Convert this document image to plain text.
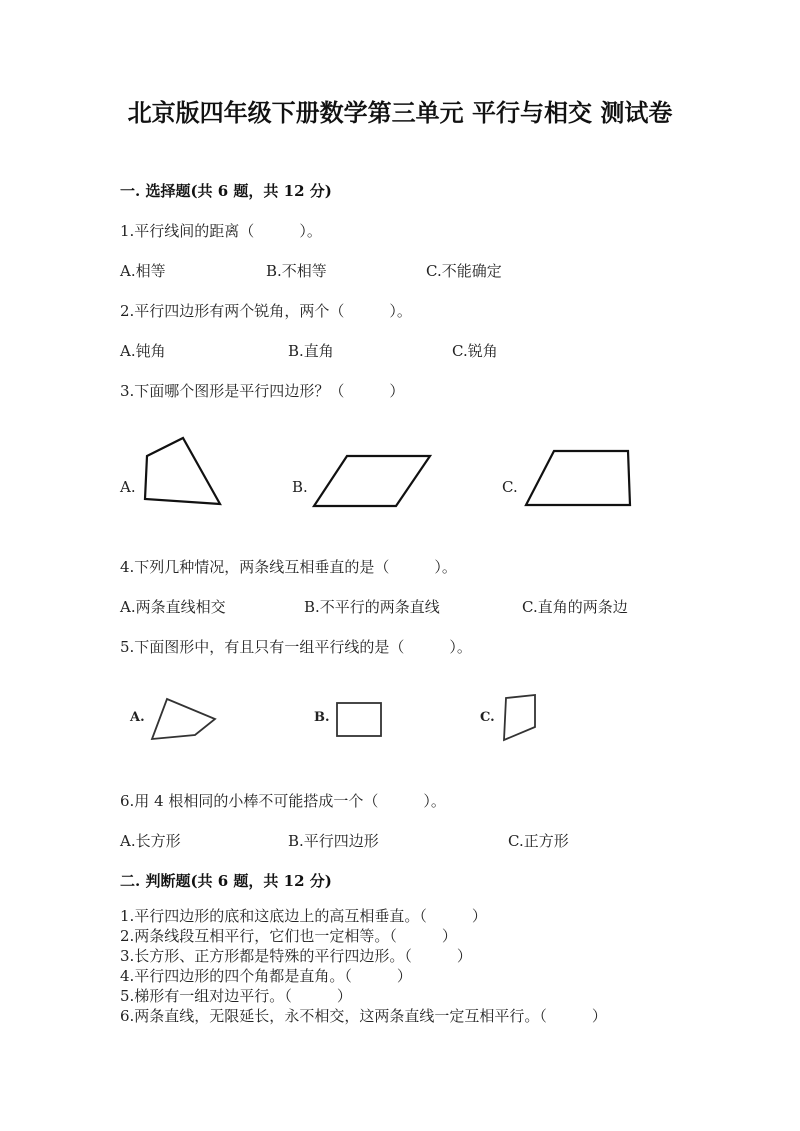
北京版四年级下册数学第三单元 平行与相交 测试卷
一. 选择题(共 6 题，共 12 分)
1.平行线间的距离（　　　）。
A.相等	B.不相等	C.不能确定
2.平行四边形有两个锐角，两个（　　　）。
A.钝角	B.直角	C.锐角
3.下面哪个图形是平行四边形？（　　　）
A.	B.	C.
4.下列几种情况，两条线互相垂直的是（　　　）。
A.两条直线相交	B.不平行的两条直线	C.直角的两条边
5.下面图形中，有且只有一组平行线的是（　　　）。
A.	B.	C.
6.用 4 根相同的小棒不可能搭成一个（　　　）。
A.长方形	B.平行四边形	C.正方形
二. 判断题(共 6 题，共 12 分)
1.平行四边形的底和这底边上的高互相垂直。（　　　）
2.两条线段互相平行，它们也一定相等。（　　　）
3.长方形、正方形都是特殊的平行四边形。（　　　）
4.平行四边形的四个角都是直角。（　　　）
5.梯形有一组对边平行。（　　　）
6.两条直线，无限延长，永不相交，这两条直线一定互相平行。（　　　）
